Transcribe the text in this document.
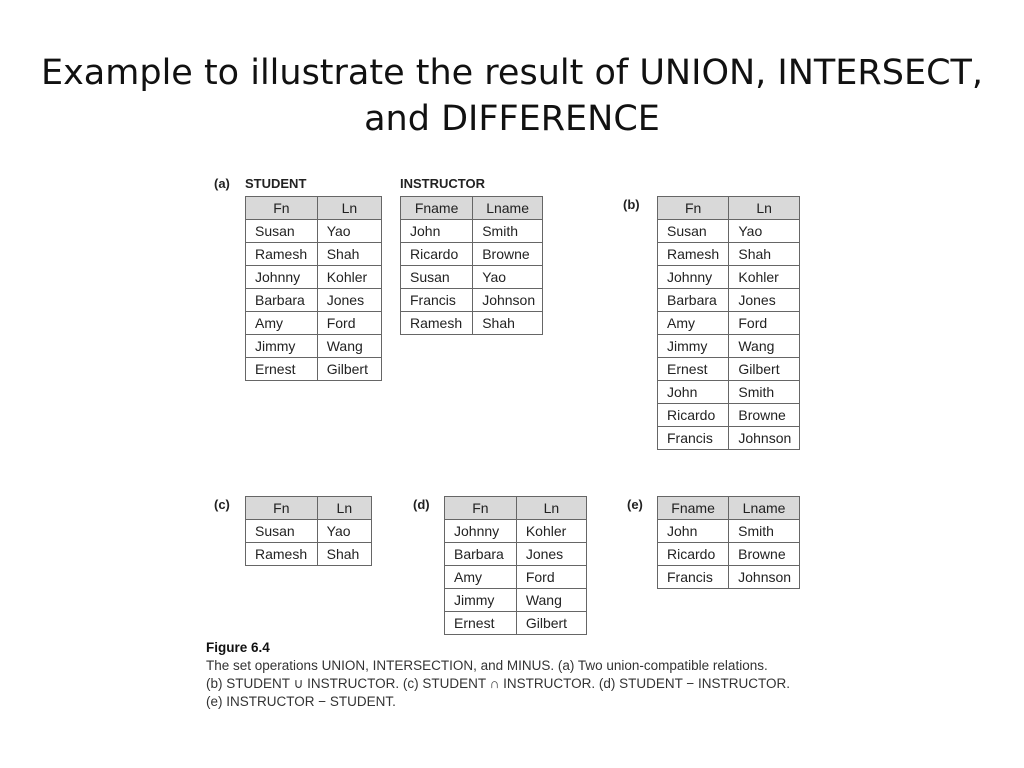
Example to illustrate the result of UNION, INTERSECT,
and DIFFERENCE
(a) STUDENT
Fn	Ln
Susan	Yao
Ramesh	Shah
Johnny	Kohler
Barbara	Jones
Amy	Ford
Jimmy	Wang
Ernest	Gilbert
INSTRUCTOR
Fname	Lname
John	Smith
Ricardo	Browne
Susan	Yao
Francis	Johnson
Ramesh	Shah
(b)	Fn	Ln
Susan	Yao
Ramesh	Shah
Johnny	Kohler
Barbara	Jones
Amy	Ford
Jimmy	Wang
Ernest	Gilbert
John	Smith
Ricardo	Browne
Francis	Johnson
(c)	Fn	Ln
Susan	Yao
Ramesh	Shah
(d)	Fn	Ln
Johnny	Kohler
Barbara	Jones
Amy	Ford
Jimmy	Wang
Ernest	Gilbert
(e) Fname	Lname
John	Smith
Ricardo	Browne
Francis	Johnson
Figure 6.4
The set operations UNION, INTERSECTION, and MINUS. (a) Two union-compatible relations.
(b) STUDENT ∪ INSTRUCTOR. (c) STUDENT ∩ INSTRUCTOR. (d) STUDENT − INSTRUCTOR.
(e) INSTRUCTOR − STUDENT.
